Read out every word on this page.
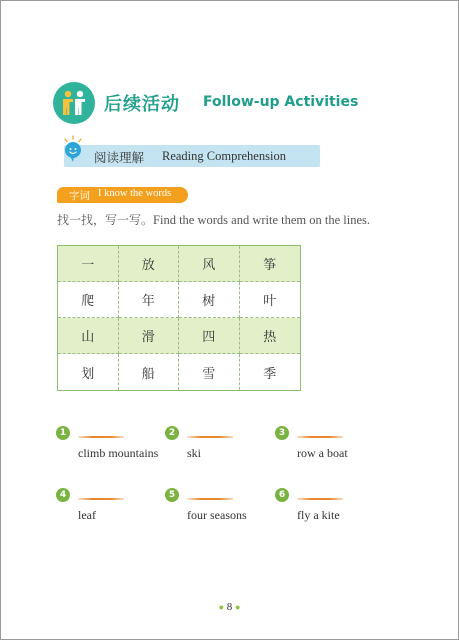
后续活动 Follow-up Activities
阅读理解 Reading Comprehension
字词 I know the words
找一找，写一写。Find the words and write them on the lines.
一	放	风	筝
爬	年	树	叶
山	滑	四	热
划	船	雪	季
1
climb mountains
2
ski
3
row a boat
4
leaf
5
four seasons
6
fly a kite
● 8 ●
